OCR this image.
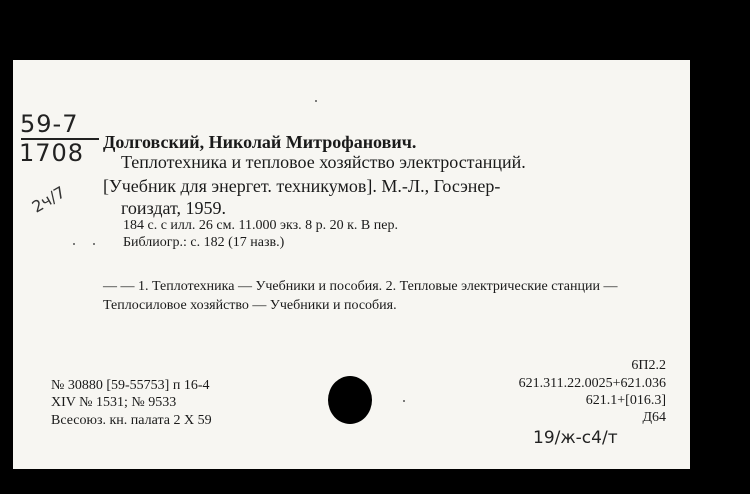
59-7
1708
2ч/7
Долговский, Николай Митрофанович.
Теплотехника и тепловое хозяйство электростанций.
[Учебник для энергет. техникумов]. М.-Л., Госэнер-
гоиздат, 1959.
184 с. с илл. 26 см. 11.000 экз. 8 р. 20 к. В пер.
Библиогр.: с. 182 (17 назв.)
— — 1. Теплотехника — Учебники и пособия. 2. Тепловые электрические станции — Теплосиловое хозяйство — Учебники и пособия.
№ 30880 [59-55753] п 16-4
XIV № 1531; № 9533
Всесоюз. кн. палата 2 X 59
6П2.2
621.311.22.0025+621.036
621.1+[016.3]
Д64
19/ж-с4/т
